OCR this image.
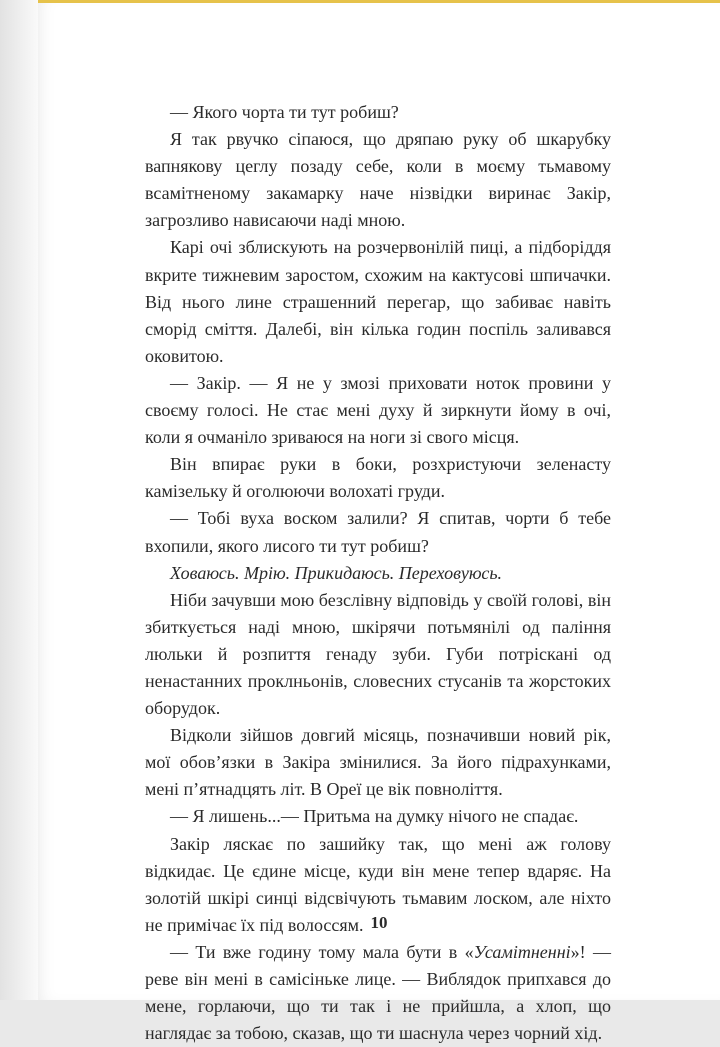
— Якого чорта ти тут робиш?

Я так рвучко сіпаюся, що дряпаю руку об шкарубку вапнякову цеглу позаду себе, коли в моєму тьмавому всамітненому закамарку наче нізвідки виринає Закір, загрозливо нависаючи наді мною.

Карі очі зблискують на розчервонілій пиці, а підборіддя вкрите тижневим заростом, схожим на кактусові шпичачки. Від нього лине страшенний перегар, що забиває навіть сморід сміття. Далебі, він кілька годин поспіль заливався оковитою.

— Закір. — Я не у змозі приховати ноток провини у своєму голосі. Не стає мені духу й зиркнути йому в очі, коли я очманіло зриваюся на ноги зі свого місця.

Він впирає руки в боки, розхристуючи зеленасту камізельку й оголюючи волохаті груди.

— Тобі вуха воском залили? Я спитав, чорти б тебе вхопили, якого лисого ти тут робиш?

Ховаюсь. Мрію. Прикидаюсь. Переховуюсь.

Ніби зачувши мою безслівну відповідь у своїй голові, він збиткується наді мною, шкірячи потьмянілі од паління люльки й розпиття генаду зуби. Губи потріскані од ненастанних проклньонів, словесних стусанів та жорстоких оборудок.

Відколи зійшов довгий місяць, позначивши новий рік, мої обов’язки в Закіра змінилися. За його підрахунками, мені п’ятнадцять літ. В Ореї це вік повноліття.

— Я лишень...— Притьма на думку нічого не спадає.

Закір ляскає по зашийку так, що мені аж голову відкидає. Це єдине місце, куди він мене тепер вдаряє. На золотій шкірі синці відсвічують тьмавим лоском, але ніхто не примічає їх під волоссям.

— Ти вже годину тому мала бути в «Усамітненні»! — реве він мені в самісіньке лице. — Виблядок припхався до мене, горлаючи, що ти так і не прийшла, а хлоп, що наглядає за тобою, сказав, що ти шаснула через чорний хід.

10
